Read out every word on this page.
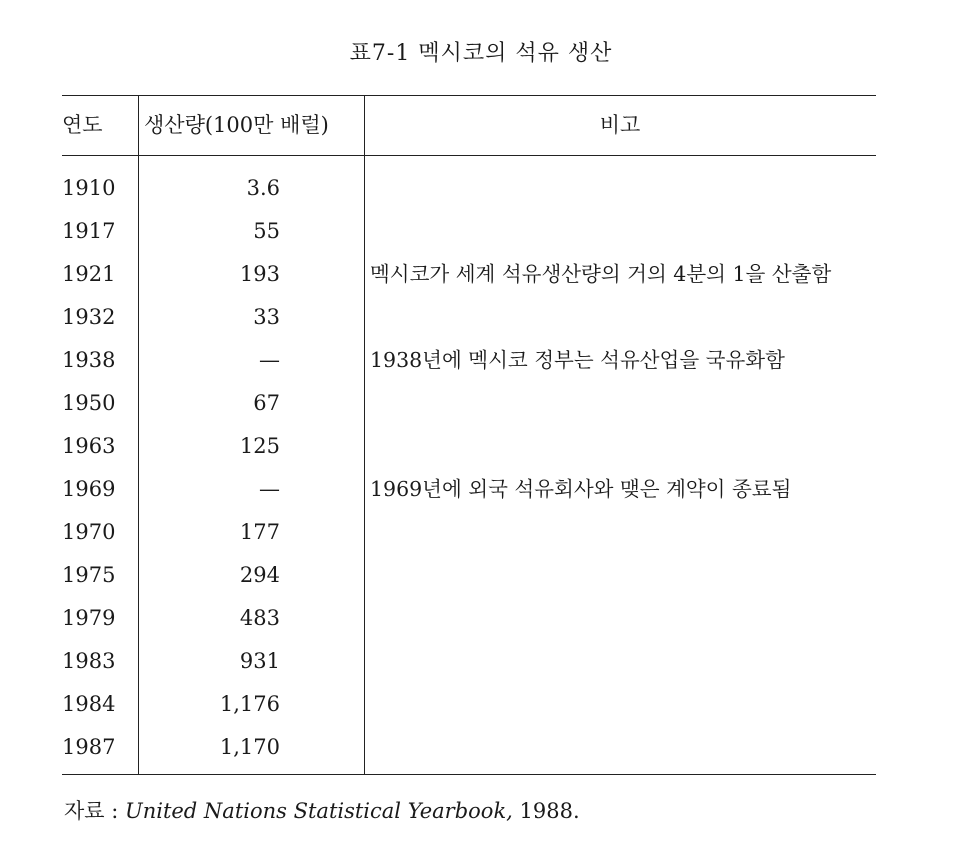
표7-1 멕시코의 석유 생산
연도	생산량(100만 배럴)	비고
1910	3.6
1917	55
1921	193	멕시코가 세계 석유생산량의 거의 4분의 1을 산출함
1932	33
1938	—	1938년에 멕시코 정부는 석유산업을 국유화함
1950	67
1963	125
1969	—	1969년에 외국 석유회사와 맺은 계약이 종료됨
1970	177
1975	294
1979	483
1983	931
1984	1,176
1987	1,170
자료 : United Nations Statistical Yearbook, 1988.
